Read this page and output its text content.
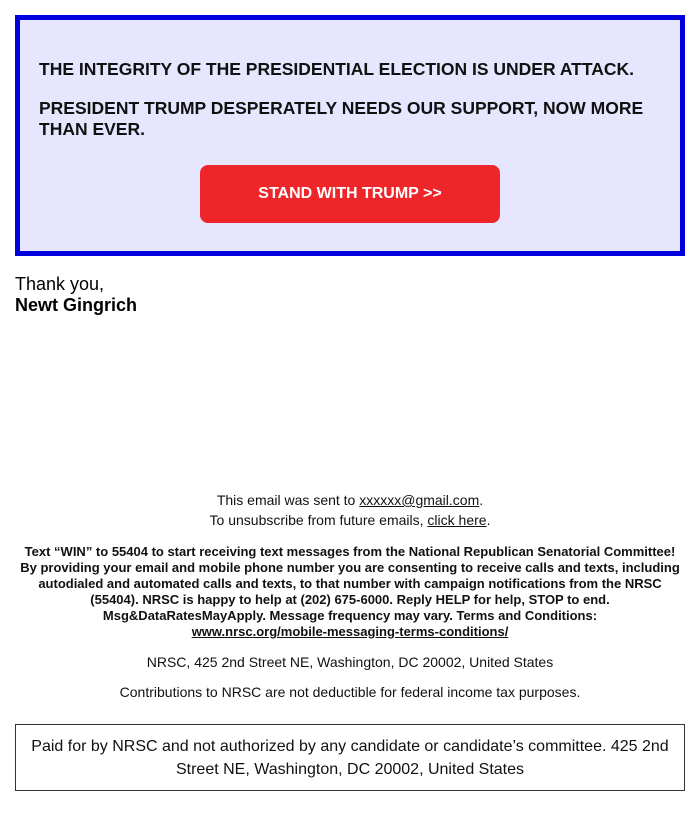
THE INTEGRITY OF THE PRESIDENTIAL ELECTION IS UNDER ATTACK.
PRESIDENT TRUMP DESPERATELY NEEDS OUR SUPPORT, NOW MORE THAN EVER.
STAND WITH TRUMP >>
Thank you,
Newt Gingrich
This email was sent to xxxxxx@gmail.com.
To unsubscribe from future emails, click here.
Text “WIN” to 55404 to start receiving text messages from the National Republican Senatorial Committee! By providing your email and mobile phone number you are consenting to receive calls and texts, including autodialed and automated calls and texts, to that number with campaign notifications from the NRSC (55404). NRSC is happy to help at (202) 675-6000. Reply HELP for help, STOP to end. Msg&DataRatesMayApply. Message frequency may vary. Terms and Conditions:
www.nrsc.org/mobile-messaging-terms-conditions/
NRSC, 425 2nd Street NE, Washington, DC 20002, United States
Contributions to NRSC are not deductible for federal income tax purposes.
Paid for by NRSC and not authorized by any candidate or candidate’s committee. 425 2nd Street NE, Washington, DC 20002, United States
